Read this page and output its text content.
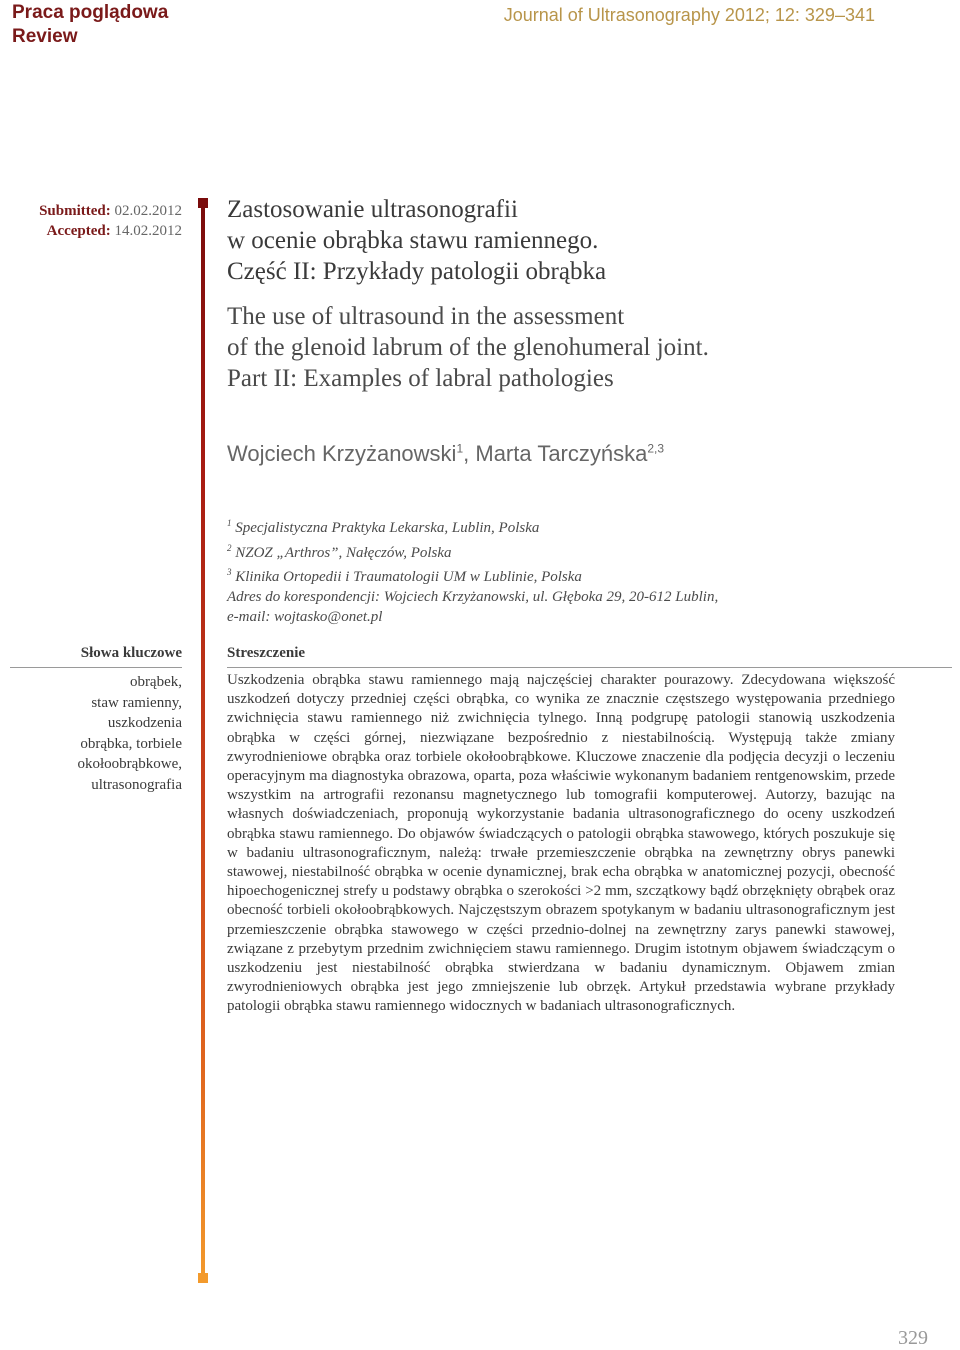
Praca poglądowa
Review
Journal of Ultrasonography 2012; 12: 329–341
Submitted: 02.02.2012
Accepted: 14.02.2012
Zastosowanie ultrasonografii
w ocenie obrąbka stawu ramiennego.
Część II: Przykłady patologii obrąbka
The use of ultrasound in the assessment
of the glenoid labrum of the glenohumeral joint.
Part II: Examples of labral pathologies
Wojciech Krzyżanowski$^1$, Marta Tarczyńska$^{2,3}$
$^1$ Specjalistyczna Praktyka Lekarska, Lublin, Polska
$^2$ NZOZ „Arthros”, Nałęczów, Polska
$^3$ Klinika Ortopedii i Traumatologii UM w Lublinie, Polska
Adres do korespondencji: Wojciech Krzyżanowski, ul. Głęboka 29, 20-612 Lublin,
e-mail: wojtasko@onet.pl
Słowa kluczowe
obrąbek,
staw ramienny,
uszkodzenia
obrąbka, torbiele
okołoobrąbkowe,
ultrasonografia
Streszczenie
Uszkodzenia obrąbka stawu ramiennego mają najczęściej charakter pourazowy. Zdecydowana większość uszkodzeń dotyczy przedniej części obrąbka, co wynika ze znacznie częstszego występowania przedniego zwichnięcia stawu ramiennego niż zwichnięcia tylnego. Inną podgrupę patologii stanowią uszkodzenia obrąbka w części górnej, niezwiązane bezpośrednio z niestabilnością. Występują także zmiany zwyrodnieniowe obrąbka oraz torbiele okołoobrąbkowe. Kluczowe znaczenie dla podjęcia decyzji o leczeniu operacyjnym ma diagnostyka obrazowa, oparta, poza właściwie wykonanym badaniem rentgenowskim, przede wszystkim na artrografii rezonansu magnetycznego lub tomografii komputerowej. Autorzy, bazując na własnych doświadczeniach, proponują wykorzystanie badania ultrasonograficznego do oceny uszkodzeń obrąbka stawu ramiennego. Do objawów świadczących o patologii obrąbka stawowego, których poszukuje się w badaniu ultrasonograficznym, należą: trwałe przemieszczenie obrąbka na zewnętrzny obrys panewki stawowej, niestabilność obrąbka w ocenie dynamicznej, brak echa obrąbka w anatomicznej pozycji, obecność hipoechogenicznej strefy u podstawy obrąbka o szerokości >2 mm, szczątkowy bądź obrzęknięty obrąbek oraz obecność torbieli okołoobrąbkowych. Najczęstszym obrazem spotykanym w badaniu ultrasonograficznym jest przemieszczenie obrąbka stawowego w części przednio-dolnej na zewnętrzny zarys panewki stawowej, związane z przebytym przednim zwichnięciem stawu ramiennego. Drugim istotnym objawem świadczącym o uszkodzeniu jest niestabilność obrąbka stwierdzana w badaniu dynamicznym. Objawem zmian zwyrodnieniowych obrąbka jest jego zmniejszenie lub obrzęk. Artykuł przedstawia wybrane przykłady patologii obrąbka stawu ramiennego widocznych w badaniach ultrasonograficznych.
329
